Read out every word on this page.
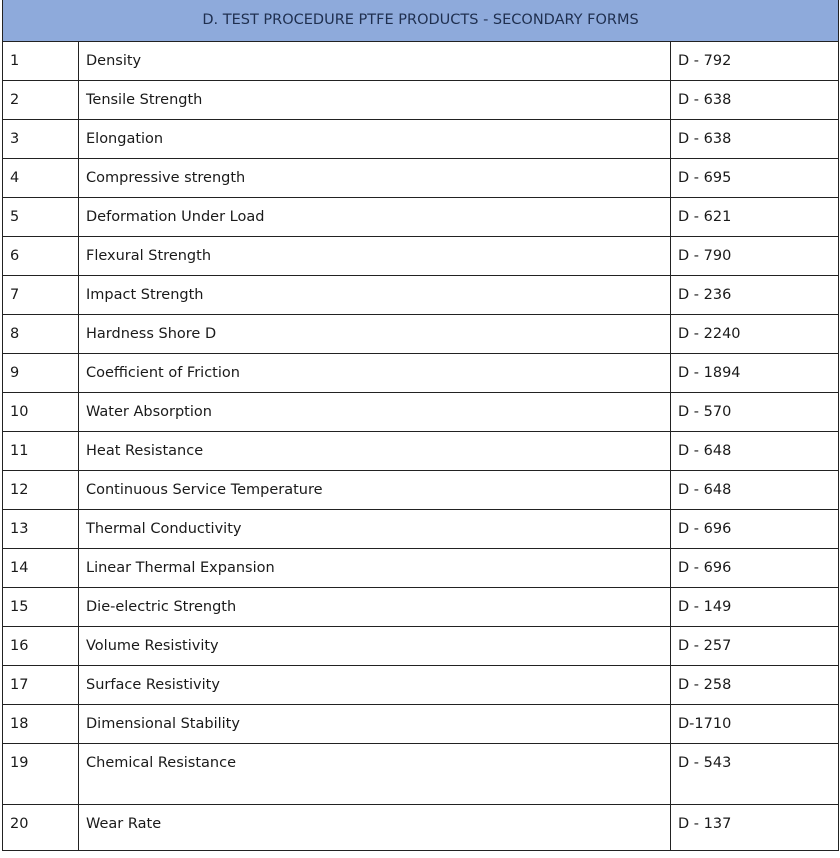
D. TEST PROCEDURE PTFE PRODUCTS - SECONDARY FORMS		
1	Density	D - 792
2	Tensile Strength	D - 638
3	Elongation	D - 638
4	Compressive strength	D - 695
5	Deformation Under Load	D - 621
6	Flexural Strength	D - 790
7	Impact Strength	D - 236
8	Hardness Shore D	D - 2240
9	Coefficient of Friction	D - 1894
10	Water Absorption	D - 570
11	Heat Resistance	D - 648
12	Continuous Service Temperature	D - 648
13	Thermal Conductivity	D - 696
14	Linear Thermal Expansion	D - 696
15	Die-electric Strength	D - 149
16	Volume Resistivity	D - 257
17	Surface Resistivity	D - 258
18	Dimensional Stability	D-1710
19	Chemical Resistance	D - 543
20	Wear Rate	D - 137
